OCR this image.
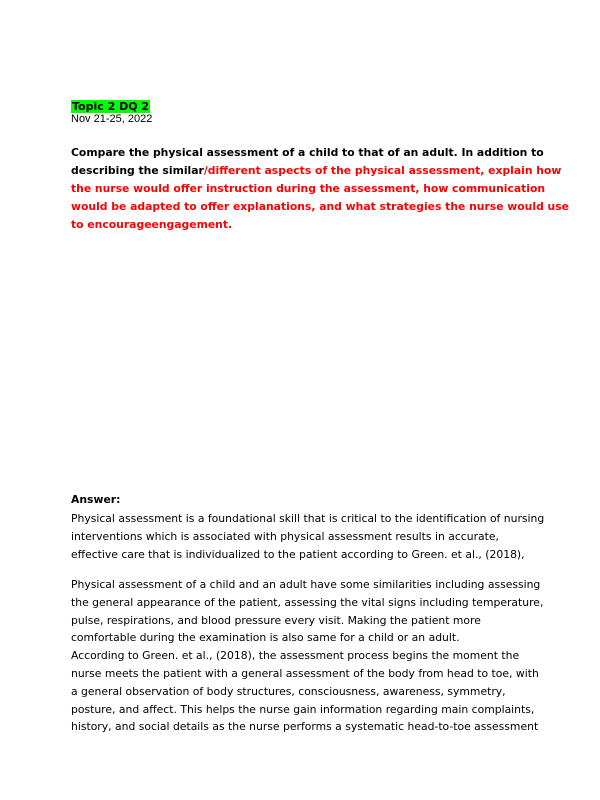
Topic 2 DQ 2
Nov 21-25, 2022
Compare the physical assessment of a child to that of an adult. In addition to
describing the similar/different aspects of the physical assessment, explain how
the nurse would offer instruction during the assessment, how communication
would be adapted to offer explanations, and what strategies the nurse would use
to encourageengagement.
Answer:
Physical assessment is a foundational skill that is critical to the identification of nursing
interventions which is associated with physical assessment results in accurate,
effective care that is individualized to the patient according to Green. et al., (2018),
Physical assessment of a child and an adult have some similarities including assessing
the general appearance of the patient, assessing the vital signs including temperature,
pulse, respirations, and blood pressure every visit. Making the patient more
comfortable during the examination is also same for a child or an adult.
According to Green. et al., (2018), the assessment process begins the moment the
nurse meets the patient with a general assessment of the body from head to toe, with
a general observation of body structures, consciousness, awareness, symmetry,
posture, and affect. This helps the nurse gain information regarding main complaints,
history, and social details as the nurse performs a systematic head-to-toe assessment
